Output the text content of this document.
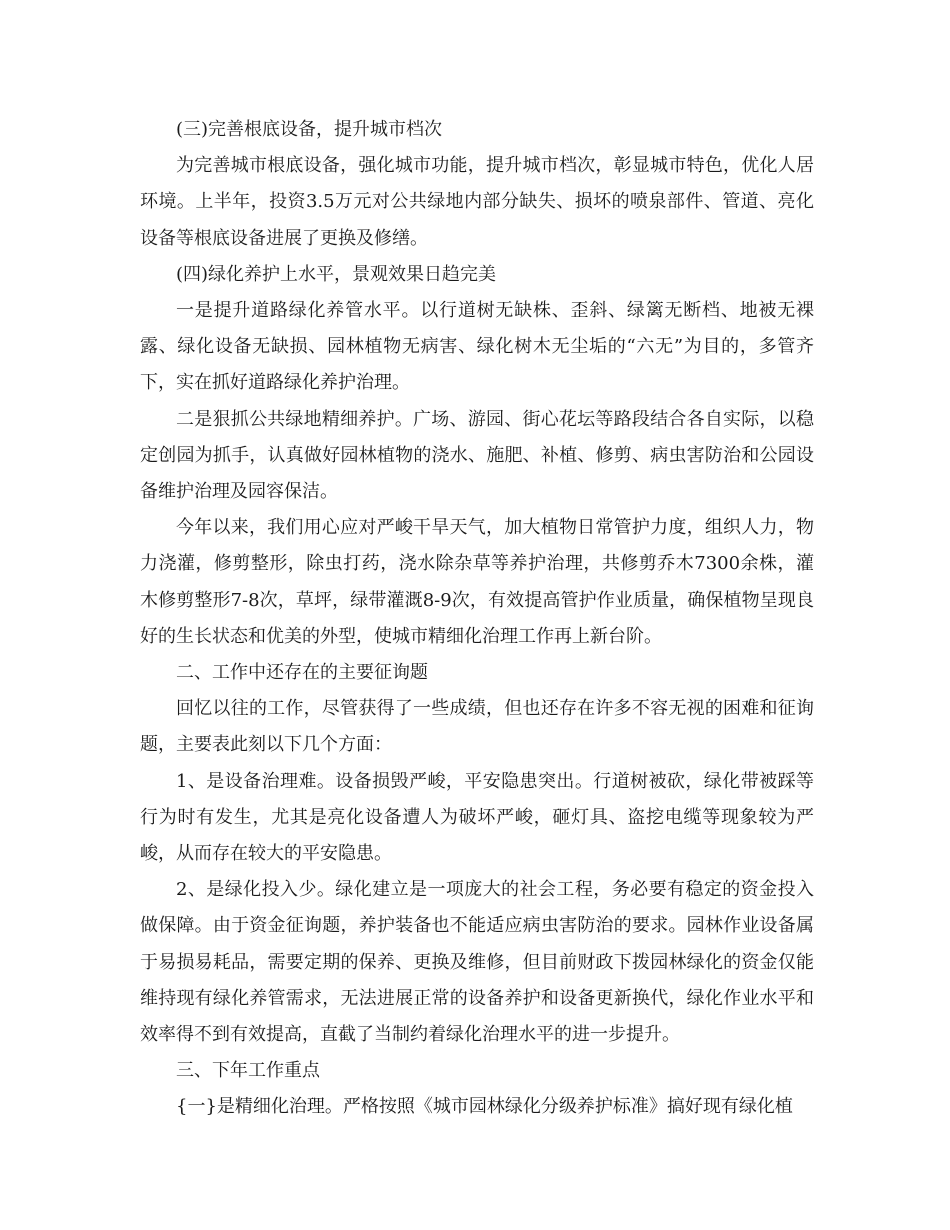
(三)完善根底设备，提升城市档次

为完善城市根底设备，强化城市功能，提升城市档次，彰显城市特色，优化人居环境。上半年，投资3.5万元对公共绿地内部分缺失、损坏的喷泉部件、管道、亮化设备等根底设备进展了更换及修缮。

(四)绿化养护上水平，景观效果日趋完美

一是提升道路绿化养管水平。以行道树无缺株、歪斜、绿篱无断档、地被无裸露、绿化设备无缺损、园林植物无病害、绿化树木无尘垢的“六无”为目的，多管齐下，实在抓好道路绿化养护治理。

二是狠抓公共绿地精细养护。广场、游园、街心花坛等路段结合各自实际，以稳定创园为抓手，认真做好园林植物的浇水、施肥、补植、修剪、病虫害防治和公园设备维护治理及园容保洁。

今年以来，我们用心应对严峻干旱天气，加大植物日常管护力度，组织人力，物力浇灌，修剪整形，除虫打药，浇水除杂草等养护治理，共修剪乔木7300余株，灌木修剪整形7-8次，草坪，绿带灌溉8-9次，有效提高管护作业质量，确保植物呈现良好的生长状态和优美的外型，使城市精细化治理工作再上新台阶。

二、工作中还存在的主要征询题

回忆以往的工作，尽管获得了一些成绩，但也还存在许多不容无视的困难和征询题，主要表此刻以下几个方面：

1、是设备治理难。设备损毁严峻，平安隐患突出。行道树被砍，绿化带被踩等行为时有发生，尤其是亮化设备遭人为破坏严峻，砸灯具、盗挖电缆等现象较为严峻，从而存在较大的平安隐患。

2、是绿化投入少。绿化建立是一项庞大的社会工程，务必要有稳定的资金投入做保障。由于资金征询题，养护装备也不能适应病虫害防治的要求。园林作业设备属于易损易耗品，需要定期的保养、更换及维修，但目前财政下拨园林绿化的资金仅能维持现有绿化养管需求，无法进展正常的设备养护和设备更新换代，绿化作业水平和效率得不到有效提高，直截了当制约着绿化治理水平的进一步提升。

三、下年工作重点

{一}是精细化治理。严格按照《城市园林绿化分级养护标准》搞好现有绿化植
